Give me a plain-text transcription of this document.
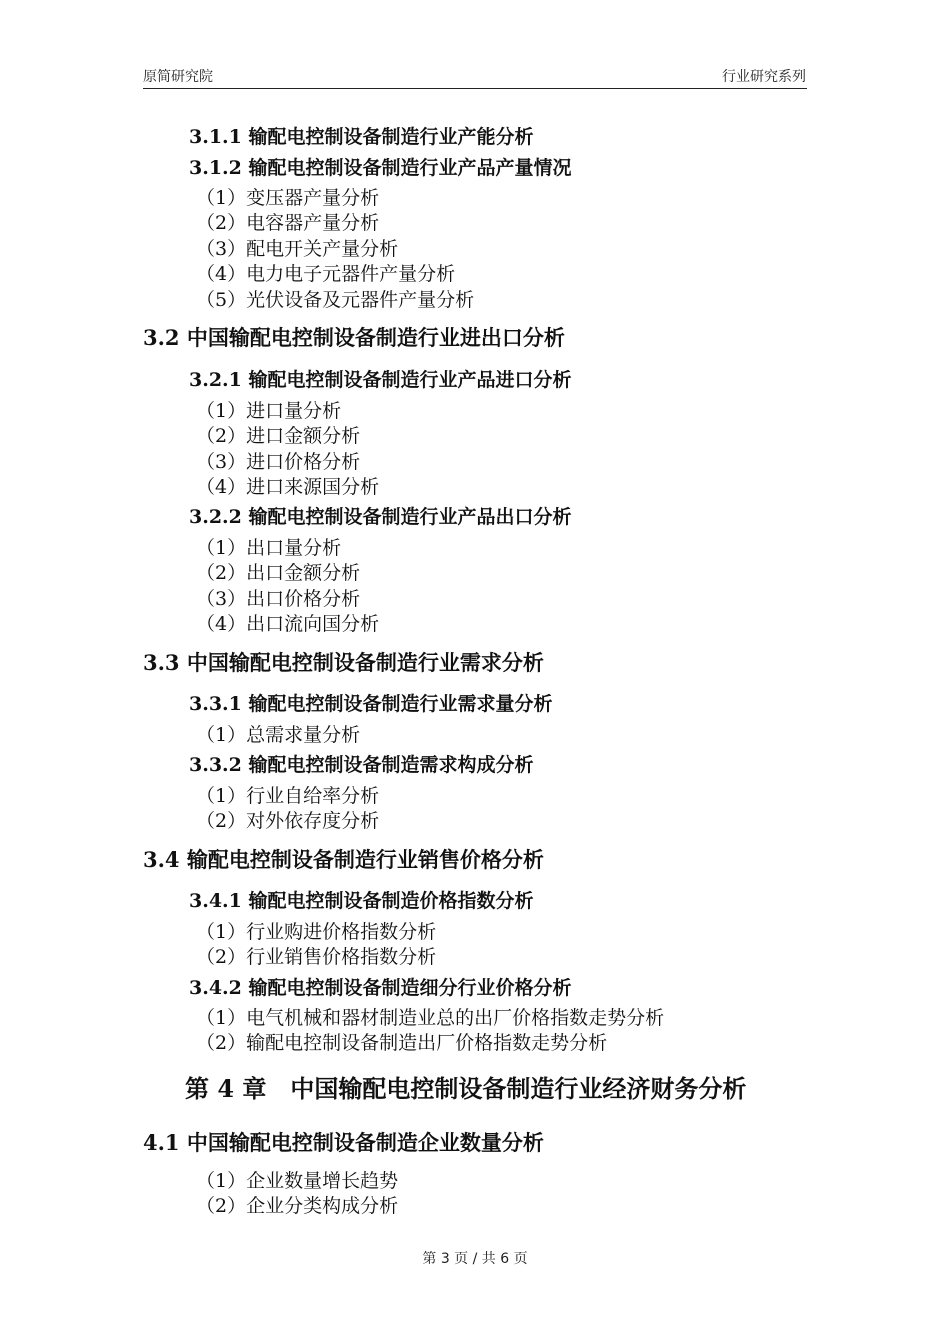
原简研究院	行业研究系列
3.1.1 输配电控制设备制造行业产能分析
3.1.2 输配电控制设备制造行业产品产量情况
（1）变压器产量分析
（2）电容器产量分析
（3）配电开关产量分析
（4）电力电子元器件产量分析
（5）光伏设备及元器件产量分析
3.2 中国输配电控制设备制造行业进出口分析
3.2.1 输配电控制设备制造行业产品进口分析
（1）进口量分析
（2）进口金额分析
（3）进口价格分析
（4）进口来源国分析
3.2.2 输配电控制设备制造行业产品出口分析
（1）出口量分析
（2）出口金额分析
（3）出口价格分析
（4）出口流向国分析
3.3 中国输配电控制设备制造行业需求分析
3.3.1 输配电控制设备制造行业需求量分析
（1）总需求量分析
3.3.2 输配电控制设备制造需求构成分析
（1）行业自给率分析
（2）对外依存度分析
3.4 输配电控制设备制造行业销售价格分析
3.4.1 输配电控制设备制造价格指数分析
（1）行业购进价格指数分析
（2）行业销售价格指数分析
3.4.2 输配电控制设备制造细分行业价格分析
（1）电气机械和器材制造业总的出厂价格指数走势分析
（2）输配电控制设备制造出厂价格指数走势分析
第 4 章　中国输配电控制设备制造行业经济财务分析
4.1 中国输配电控制设备制造企业数量分析
（1）企业数量增长趋势
（2）企业分类构成分析
第 3 页 / 共 6 页
